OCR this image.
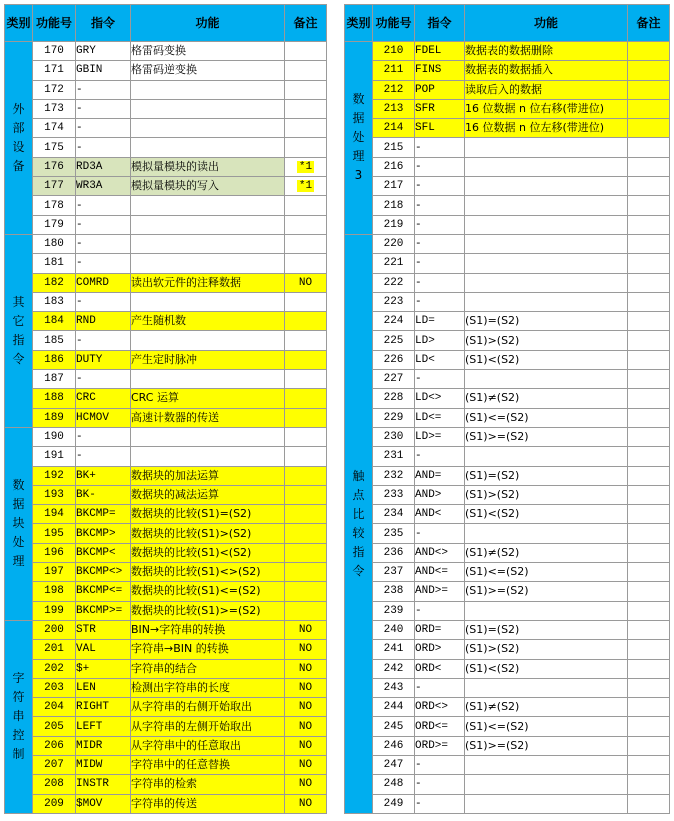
类别	功能号	指令	功能	备注

外部设备	170	GRY	格雷码变换	
	171	GBIN	格雷码逆变换	
	172	-		
	173	-		
	174	-		
	175	-		
	176	RD3A	模拟量模块的读出	*1
	177	WR3A	模拟量模块的写入	*1
	178	-		
	179	-		

其它指令	180	-		
	181	-		
	182	COMRD	读出软元件的注释数据	NO
	183	-		
	184	RND	产生随机数	
	185	-		
	186	DUTY	产生定时脉冲	
	187	-		
	188	CRC	CRC 运算	
	189	HCMOV	高速计数器的传送	

数据块处理	190	-		
	191	-		
	192	BK+	数据块的加法运算	
	193	BK-	数据块的减法运算	
	194	BKCMP=	数据块的比较(S1)=(S2)	
	195	BKCMP>	数据块的比较(S1)>(S2)	
	196	BKCMP<	数据块的比较(S1)<(S2)	
	197	BKCMP<>	数据块的比较(S1)<>(S2)	
	198	BKCMP<=	数据块的比较(S1)<=(S2)	
	199	BKCMP>=	数据块的比较(S1)>=(S2)	

字符串控制	200	STR	BIN→字符串的转换	NO
	201	VAL	字符串→BIN 的转换	NO
	202	$+	字符串的结合	NO
	203	LEN	检测出字符串的长度	NO
	204	RIGHT	从字符串的右侧开始取出	NO
	205	LEFT	从字符串的左侧开始取出	NO
	206	MIDR	从字符串中的任意取出	NO
	207	MIDW	字符串中的任意替换	NO
	208	INSTR	字符串的检索	NO
	209	$MOV	字符串的传送	NO
类别	功能号	指令	功能	备注

数据处理 3	210	FDEL	数据表的数据删除	
	211	FINS	数据表的数据插入	
	212	POP	读取后入的数据	
	213	SFR	16 位数据 n 位右移(带进位)	
	214	SFL	16 位数据 n 位左移(带进位)	
	215	-		
	216	-		
	217	-		
	218	-		
	219	-		

触点比较指令	220	-		
	221	-		
	222	-		
	223	-		
	224	LD=	(S1)=(S2)	
	225	LD>	(S1)>(S2)	
	226	LD<	(S1)<(S2)	
	227	-		
	228	LD<>	(S1)≠(S2)	
	229	LD<=	(S1)<=(S2)	
	230	LD>=	(S1)>=(S2)	
	231	-		
	232	AND=	(S1)=(S2)	
	233	AND>	(S1)>(S2)	
	234	AND<	(S1)<(S2)	
	235	-		
	236	AND<>	(S1)≠(S2)	
	237	AND<=	(S1)<=(S2)	
	238	AND>=	(S1)>=(S2)	
	239	-		
	240	ORD=	(S1)=(S2)	
	241	ORD>	(S1)>(S2)	
	242	ORD<	(S1)<(S2)	
	243	-		
	244	ORD<>	(S1)≠(S2)	
	245	ORD<=	(S1)<=(S2)	
	246	ORD>=	(S1)>=(S2)	
	247	-		
	248	-		
	249	-		
